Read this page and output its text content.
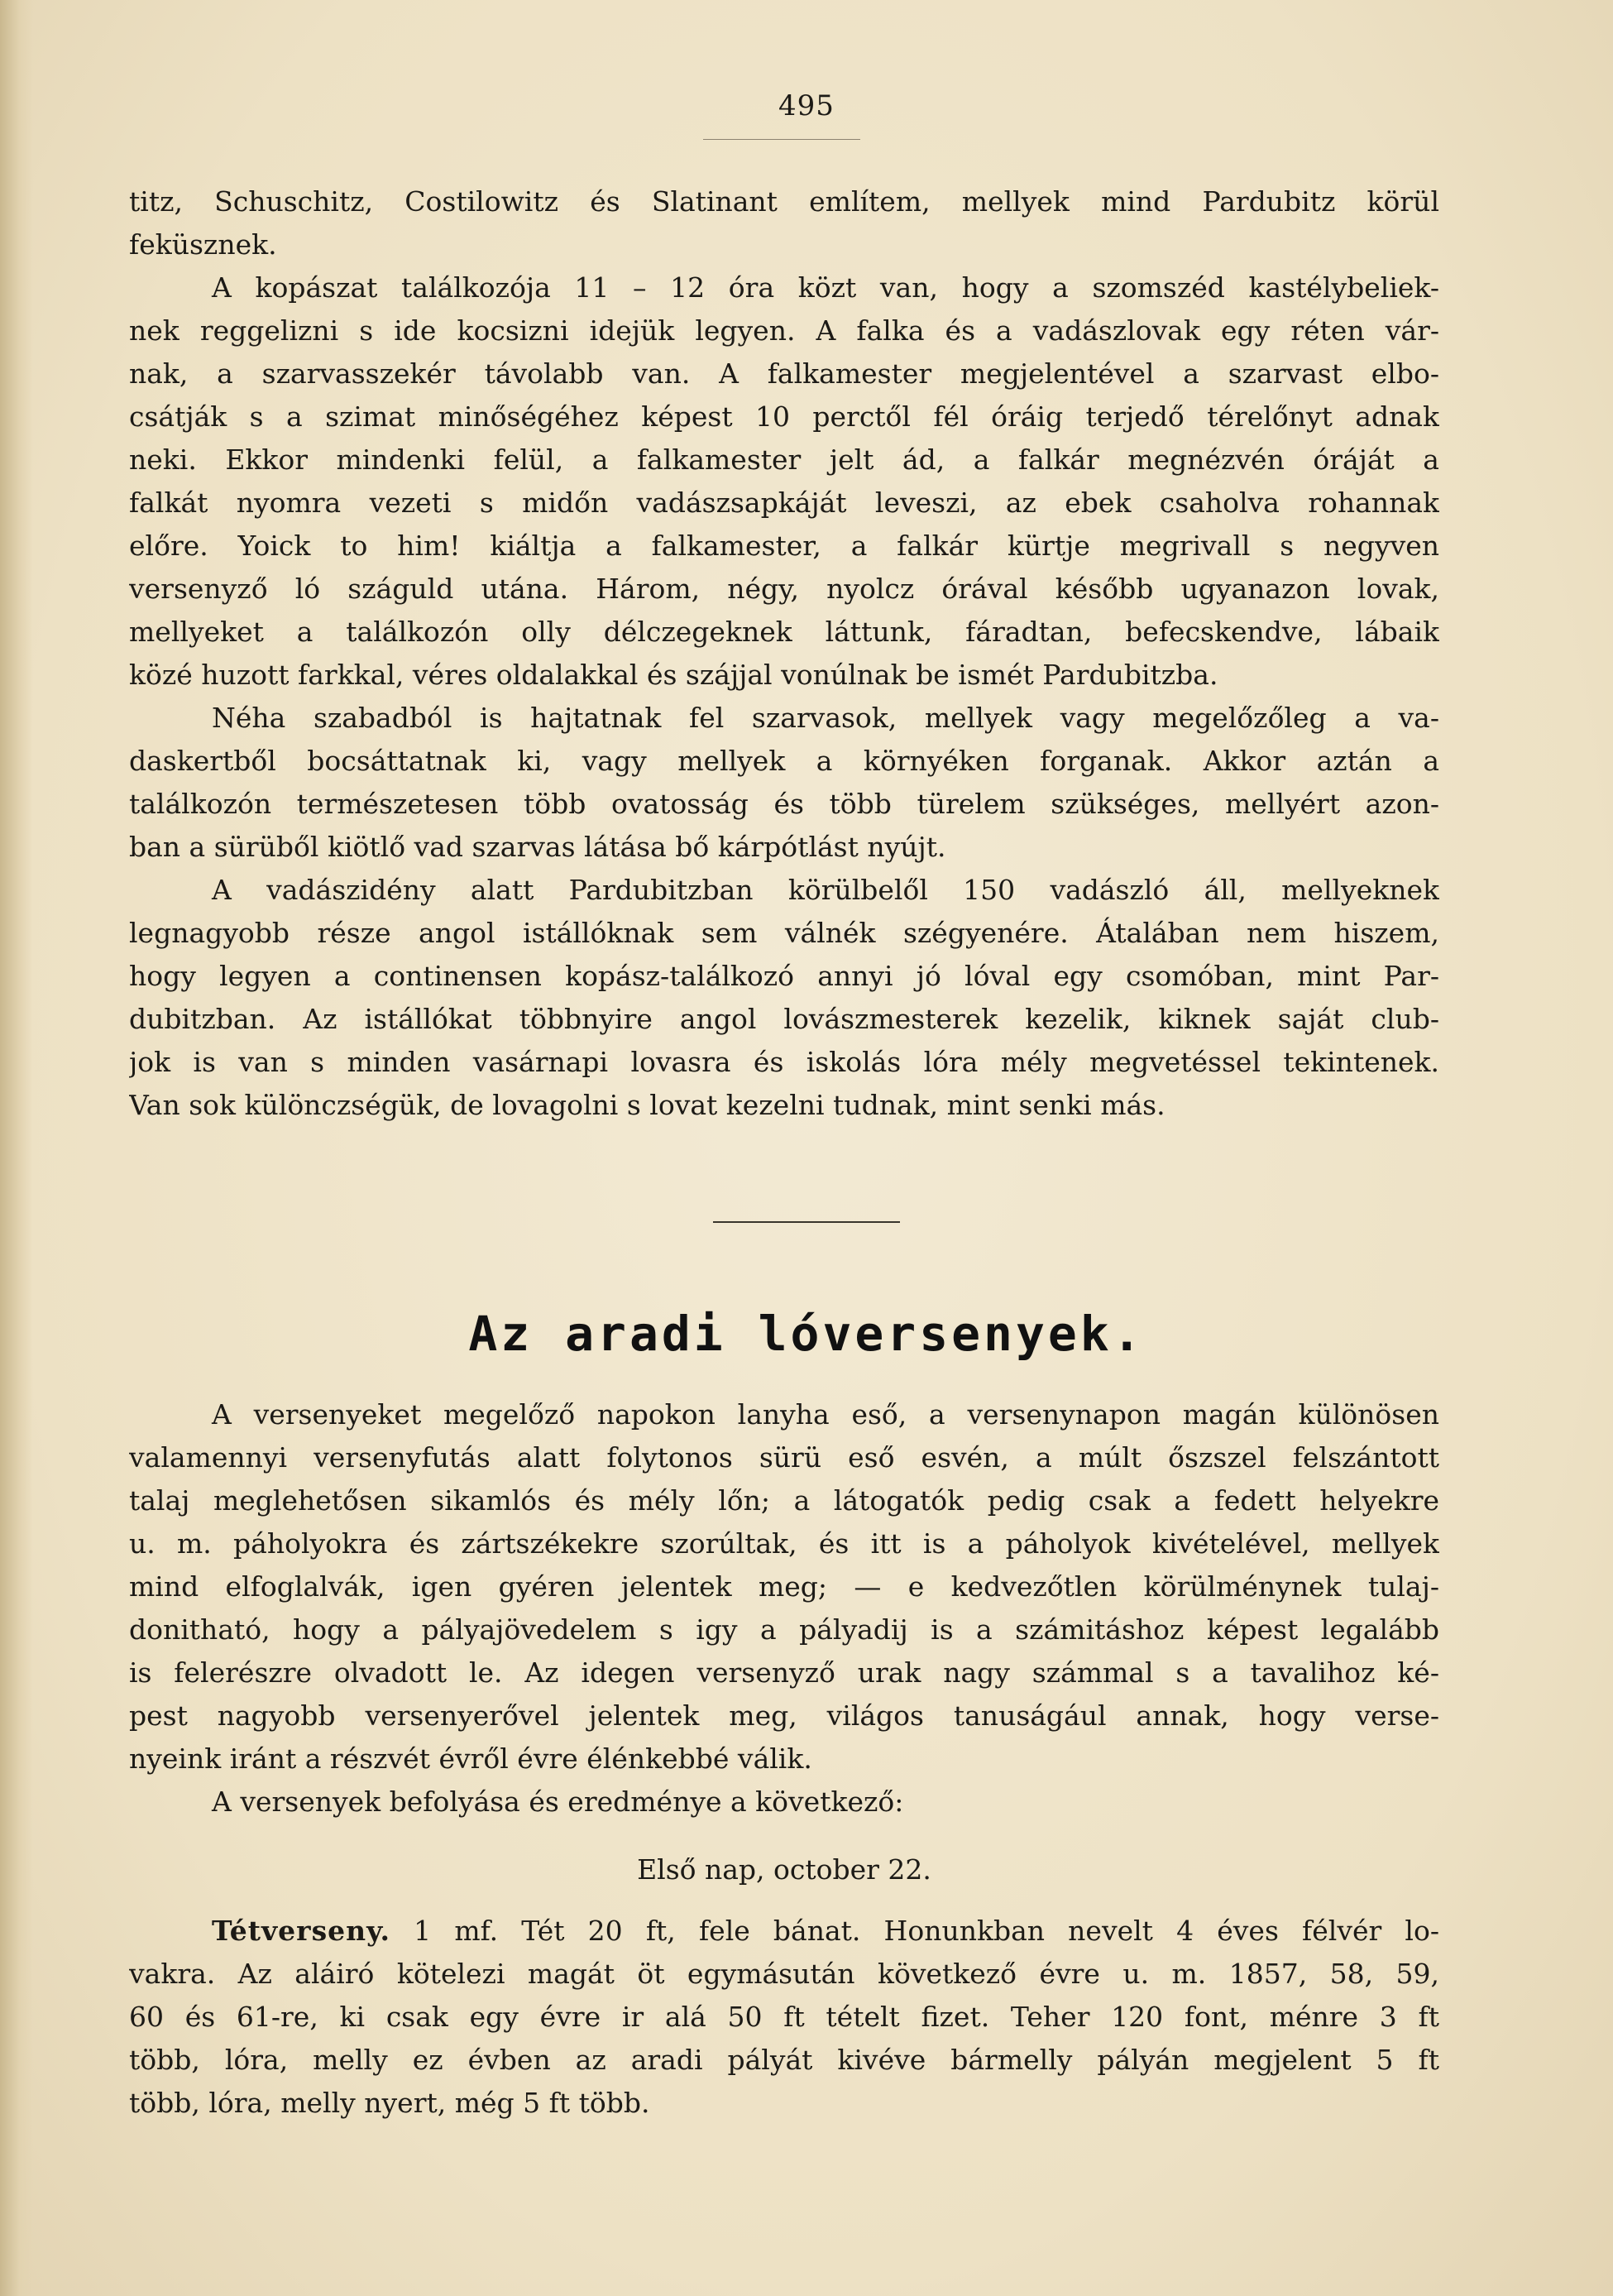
495
titz, Schuschitz, Costilowitz és Slatinant említem, mellyek mind Pardubitz körül
feküsznek.
A kopászat találkozója 11 – 12 óra közt van, hogy a szomszéd kastélybeliek-
nek reggelizni s ide kocsizni idejük legyen. A falka és a vadászlovak egy réten vár-
nak, a szarvasszekér távolabb van. A falkamester megjelentével a szarvast elbo-
csátják s a szimat minőségéhez képest 10 perctől fél óráig terjedő térelőnyt adnak
neki. Ekkor mindenki felül, a falkamester jelt ád, a falkár megnézvén óráját a
falkát nyomra vezeti s midőn vadászsapkáját leveszi, az ebek csaholva rohannak
előre. Yoick to him! kiáltja a falkamester, a falkár kürtje megrivall s negyven
versenyző ló száguld utána. Három, négy, nyolcz órával később ugyanazon lovak,
mellyeket a találkozón olly délczegeknek láttunk, fáradtan, befecskendve, lábaik
közé huzott farkkal, véres oldalakkal és szájjal vonúlnak be ismét Pardubitzba.
Néha szabadból is hajtatnak fel szarvasok, mellyek vagy megelőzőleg a va-
daskertből bocsáttatnak ki, vagy mellyek a környéken forganak. Akkor aztán a
találkozón természetesen több ovatosság és több türelem szükséges, mellyért azon-
ban a sürüből kiötlő vad szarvas látása bő kárpótlást nyújt.
A vadászidény alatt Pardubitzban körülbelől 150 vadászló áll, mellyeknek
legnagyobb része angol istállóknak sem válnék szégyenére. Átalában nem hiszem,
hogy legyen a continensen kopász-találkozó annyi jó lóval egy csomóban, mint Par-
dubitzban. Az istállókat többnyire angol lovászmesterek kezelik, kiknek saját club-
jok is van s minden vasárnapi lovasra és iskolás lóra mély megvetéssel tekintenek.
Van sok különczségük, de lovagolni s lovat kezelni tudnak, mint senki más.
Az aradi lóversenyek.
A versenyeket megelőző napokon lanyha eső, a versenynapon magán különösen
valamennyi versenyfutás alatt folytonos sürü eső esvén, a múlt őszszel felszántott
talaj meglehetősen sikamlós és mély lőn; a látogatók pedig csak a fedett helyekre
u. m. páholyokra és zártszékekre szorúltak, és itt is a páholyok kivételével, mellyek
mind elfoglalvák, igen gyéren jelentek meg; — e kedvezőtlen körülménynek tulaj-
donitható, hogy a pályajövedelem s igy a pályadij is a számitáshoz képest legalább
is felerészre olvadott le. Az idegen versenyző urak nagy számmal s a tavalihoz ké-
pest nagyobb versenyerővel jelentek meg, világos tanuságául annak, hogy verse-
nyeink iránt a részvét évről évre élénkebbé válik.
A versenyek befolyása és eredménye a következő:
Első nap, october 22.
Tétverseny. 1 mf. Tét 20 ft, fele bánat. Honunkban nevelt 4 éves félvér lo-
vakra. Az aláiró kötelezi magát öt egymásután következő évre u. m. 1857, 58, 59,
60 és 61-re, ki csak egy évre ir alá 50 ft tételt fizet. Teher 120 font, ménre 3 ft
több, lóra, melly ez évben az aradi pályát kivéve bármelly pályán megjelent 5 ft
több, lóra, melly nyert, még 5 ft több.
